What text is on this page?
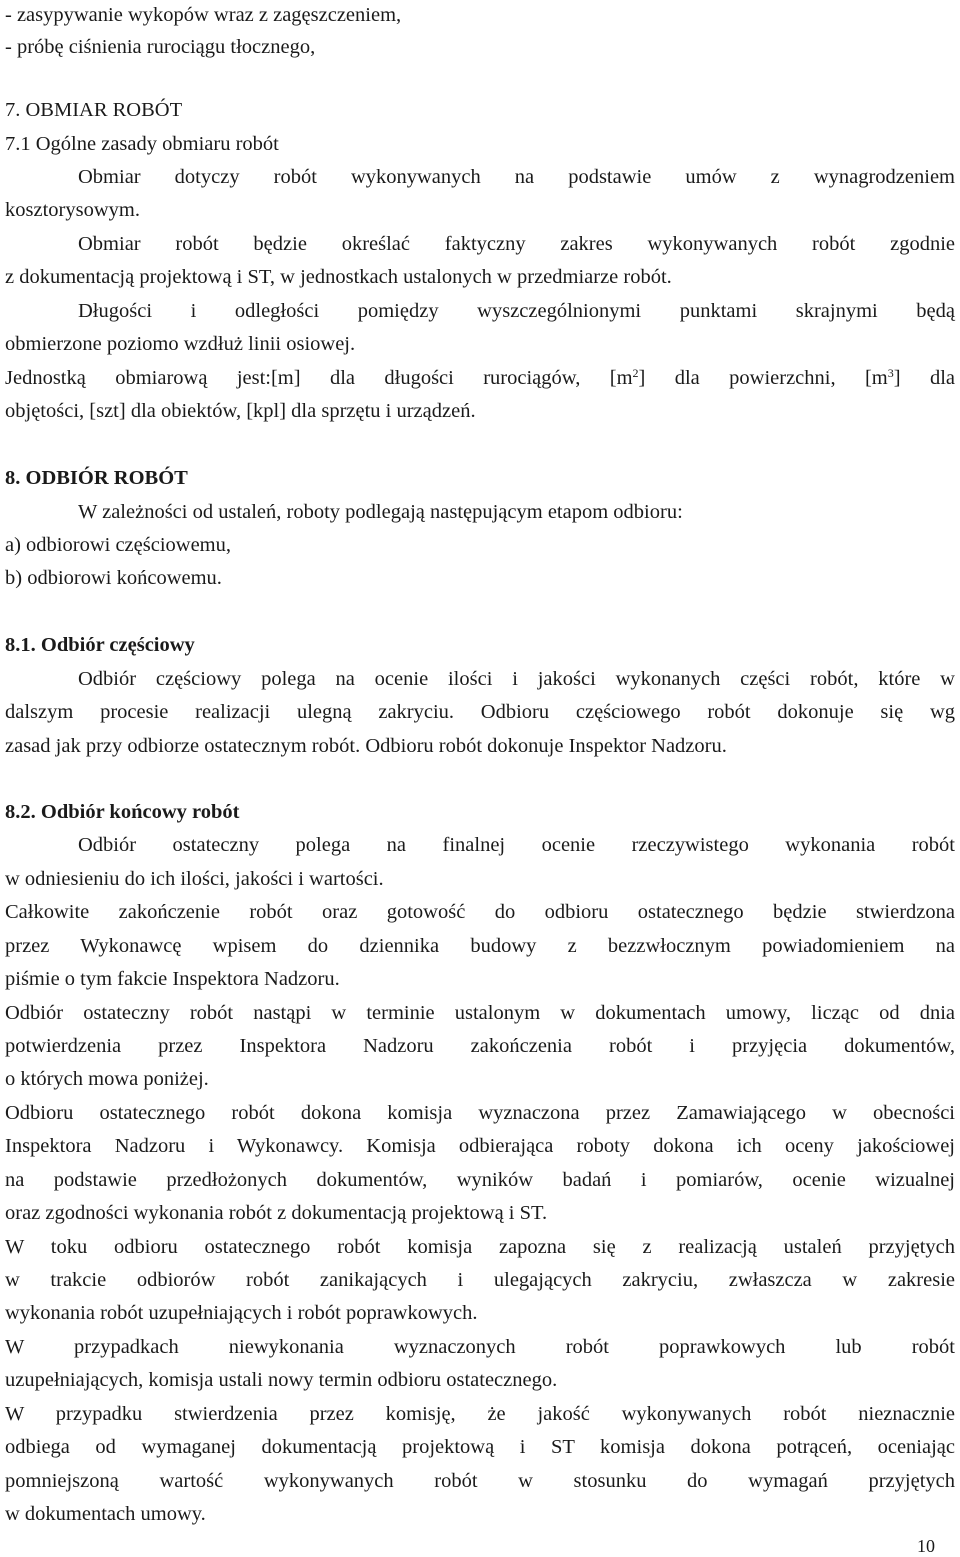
- zasypywanie wykopów wraz z zagęszczeniem,
- próbę ciśnienia rurociągu tłocznego,
7. OBMIAR ROBÓT
7.1 Ogólne zasady obmiaru robót
Obmiar dotyczy robót wykonywanych na podstawie umów z wynagrodzeniem
kosztorysowym.
Obmiar robót będzie określać faktyczny zakres wykonywanych robót zgodnie
z dokumentacją projektową i ST, w jednostkach ustalonych w przedmiarze robót.
Długości i odległości pomiędzy wyszczególnionymi punktami skrajnymi będą
obmierzone poziomo wzdłuż linii osiowej.
Jednostką obmiarową jest:[m] dla długości rurociągów, $[m^2]$ dla powierzchni, $[m^3]$ dla
objętości, [szt] dla obiektów, [kpl] dla sprzętu i urządzeń.
8. ODBIÓR ROBÓT
W zależności od ustaleń, roboty podlegają następującym etapom odbioru:
a) odbiorowi częściowemu,
b) odbiorowi końcowemu.
8.1. Odbiór częściowy
Odbiór częściowy polega na ocenie ilości i jakości wykonanych części robót, które w
dalszym procesie realizacji ulegną zakryciu. Odbioru częściowego robót dokonuje się wg
zasad jak przy odbiorze ostatecznym robót. Odbioru robót dokonuje Inspektor Nadzoru.
8.2. Odbiór końcowy robót
Odbiór ostateczny polega na finalnej ocenie rzeczywistego wykonania robót
w odniesieniu do ich ilości, jakości i wartości.
Całkowite zakończenie robót oraz gotowość do odbioru ostatecznego będzie stwierdzona
przez Wykonawcę wpisem do dziennika budowy z bezzwłocznym powiadomieniem na
piśmie o tym fakcie Inspektora Nadzoru.
Odbiór ostateczny robót nastąpi w terminie ustalonym w dokumentach umowy, licząc od dnia
potwierdzenia przez Inspektora Nadzoru zakończenia robót i przyjęcia dokumentów,
o których mowa poniżej.
Odbioru ostatecznego robót dokona komisja wyznaczona przez Zamawiającego w obecności
Inspektora Nadzoru i Wykonawcy. Komisja odbierająca roboty dokona ich oceny jakościowej
na podstawie przedłożonych dokumentów, wyników badań i pomiarów, ocenie wizualnej
oraz zgodności wykonania robót z dokumentacją projektową i ST.
W toku odbioru ostatecznego robót komisja zapozna się z realizacją ustaleń przyjętych
w trakcie odbiorów robót zanikających i ulegających zakryciu, zwłaszcza w zakresie
wykonania robót uzupełniających i robót poprawkowych.
W przypadkach niewykonania wyznaczonych robót poprawkowych lub robót
uzupełniających, komisja ustali nowy termin odbioru ostatecznego.
W przypadku stwierdzenia przez komisję, że jakość wykonywanych robót nieznacznie
odbiega od wymaganej dokumentacją projektową i ST komisja dokona potrąceń, oceniając
pomniejszoną wartość wykonywanych robót w stosunku do wymagań przyjętych
w dokumentach umowy.
10
